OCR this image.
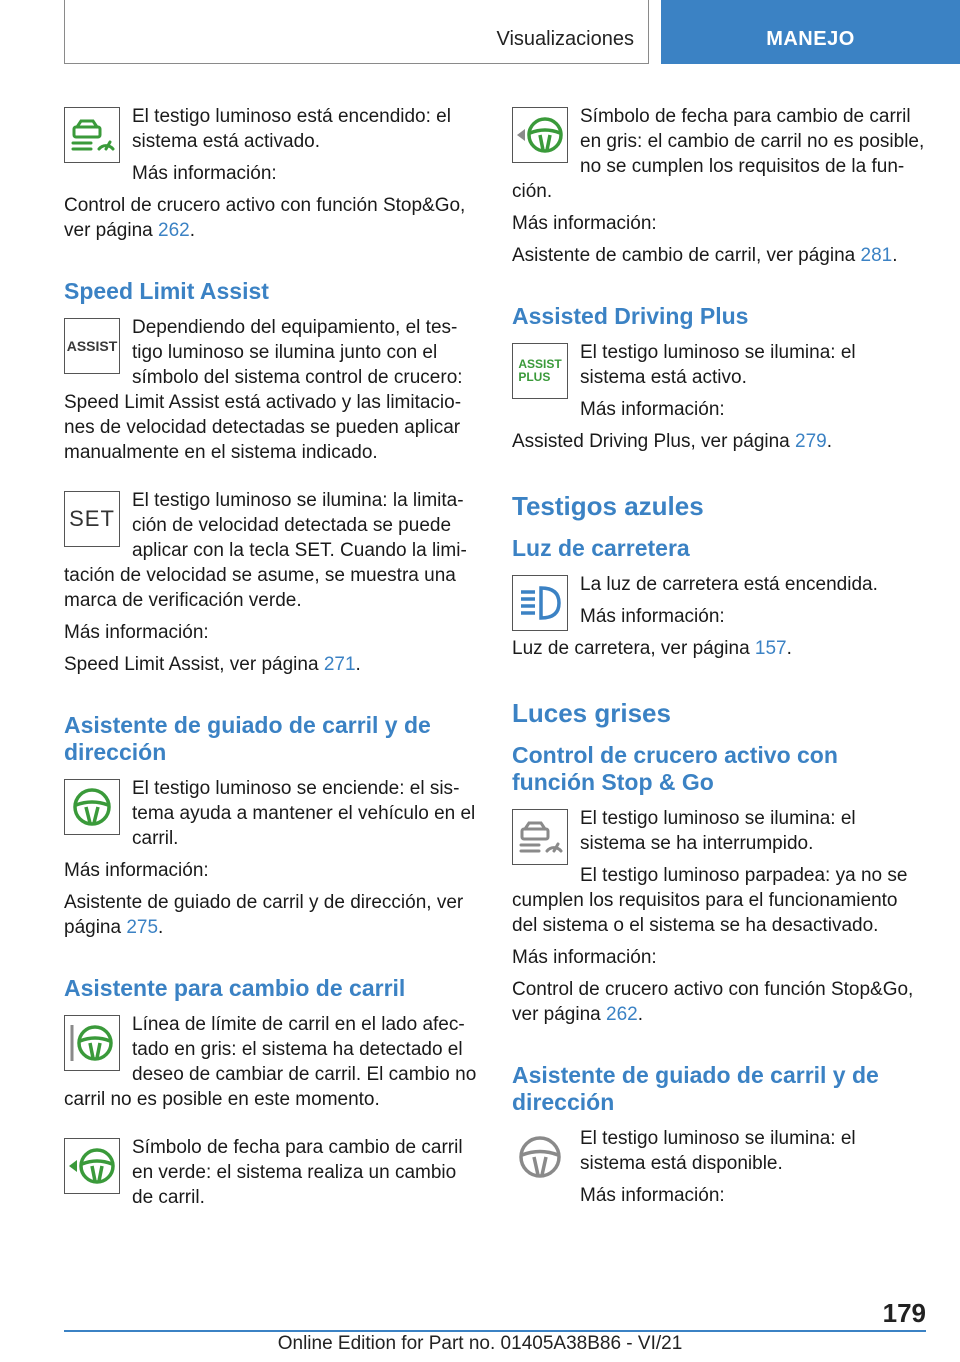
Visualizaciones	MANEJO

El testigo luminoso está encendido: el sistema está activado.

Más información:

Control de crucero activo con función Stop&Go, ver página 262.

Speed Limit Assist
ASSIST

Dependiendo del equipamiento, el testigo luminoso se ilumina junto con el símbolo del sistema control de crucero: Speed Limit Assist está activado y las limitaciones de velocidad detectadas se pueden aplicar manualmente en el sistema indicado.

SET

El testigo luminoso se ilumina: la limitación de velocidad detectada se puede aplicar con la tecla SET. Cuando la limitación de velocidad se asume, se muestra una marca de verificación verde.

Más información:

Speed Limit Assist, ver página 271.

Asistente de guiado de carril y de dirección

El testigo luminoso se enciende: el sistema ayuda a mantener el vehículo en el carril.

Más información:

Asistente de guiado de carril y de dirección, ver página 275.

Asistente para cambio de carril

Línea de límite de carril en el lado afectado en gris: el sistema ha detectado el deseo de cambiar de carril. El cambio no carril no es posible en este momento.

Símbolo de fecha para cambio de carril en verde: el sistema realiza un cambio de carril.

Símbolo de fecha para cambio de carril en gris: el cambio de carril no es posible, no se cumplen los requisitos de la función.

Más información:

Asistente de cambio de carril, ver página 281.

Assisted Driving Plus
ASSIST
PLUS

El testigo luminoso se ilumina: el sistema está activo.

Más información:

Assisted Driving Plus, ver página 279.

Testigos azules
Luz de carretera

La luz de carretera está encendida.

Más información:

Luz de carretera, ver página 157.

Luces grises
Control de crucero activo con función Stop & Go

El testigo luminoso se ilumina: el sistema se ha interrumpido.

El testigo luminoso parpadea: ya no se cumplen los requisitos para el funcionamiento del sistema o el sistema se ha desactivado.

Más información:

Control de crucero activo con función Stop&Go, ver página 262.

Asistente de guiado de carril y de dirección

El testigo luminoso se ilumina: el sistema está disponible.

Más información:

179
Online Edition for Part no. 01405A38B86 - VI/21
